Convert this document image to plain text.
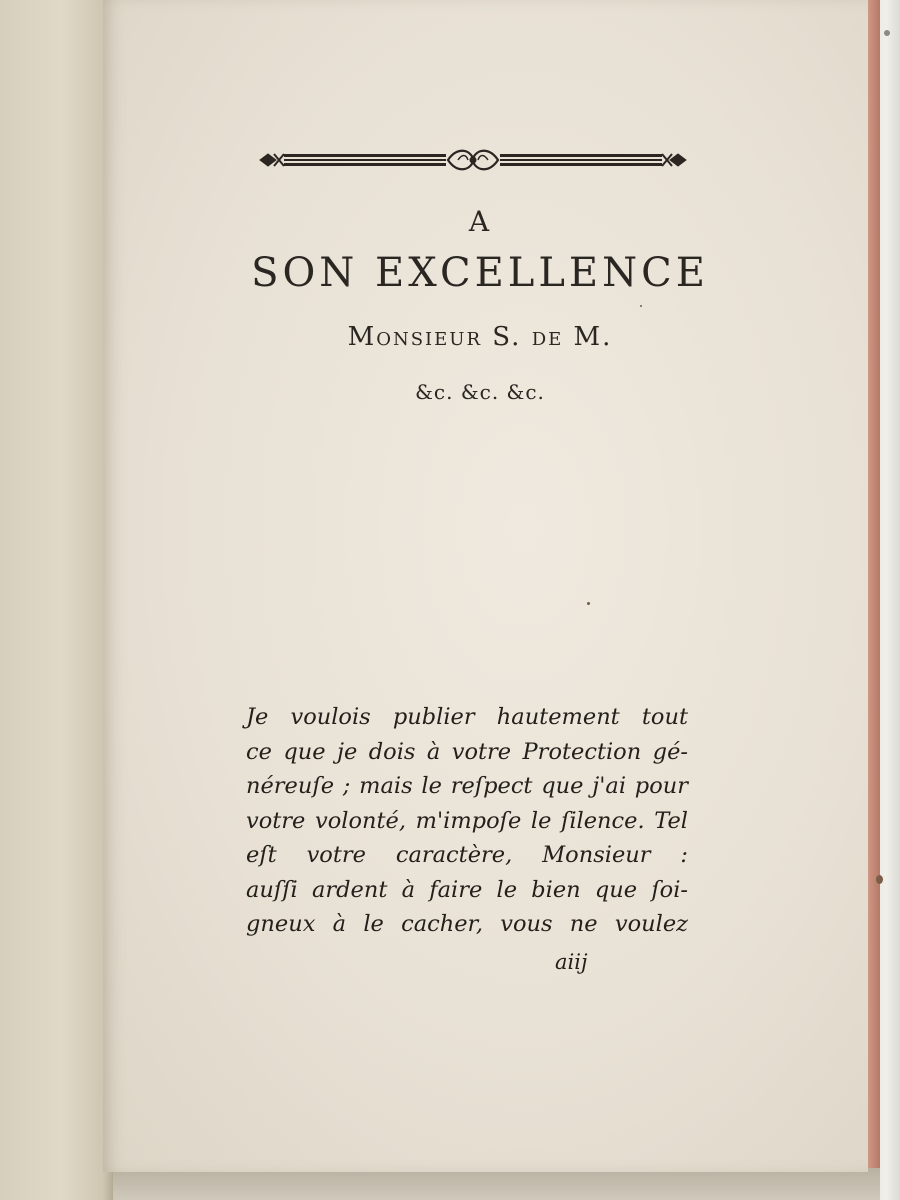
A
SON EXCELLENCE
Monsieur S. de M.
&c. &c. &c.
Je voulois publier hautement tout
ce que je dois à votre Protection gé-
néreuſe ; mais le reſpect que j'ai pour
votre volonté, m'impoſe le ſilence. Tel
eſt votre caractère, Monsieur :
auſſi ardent à faire le bien que ſoi-
gneux à le cacher, vous ne voulez
aiij
